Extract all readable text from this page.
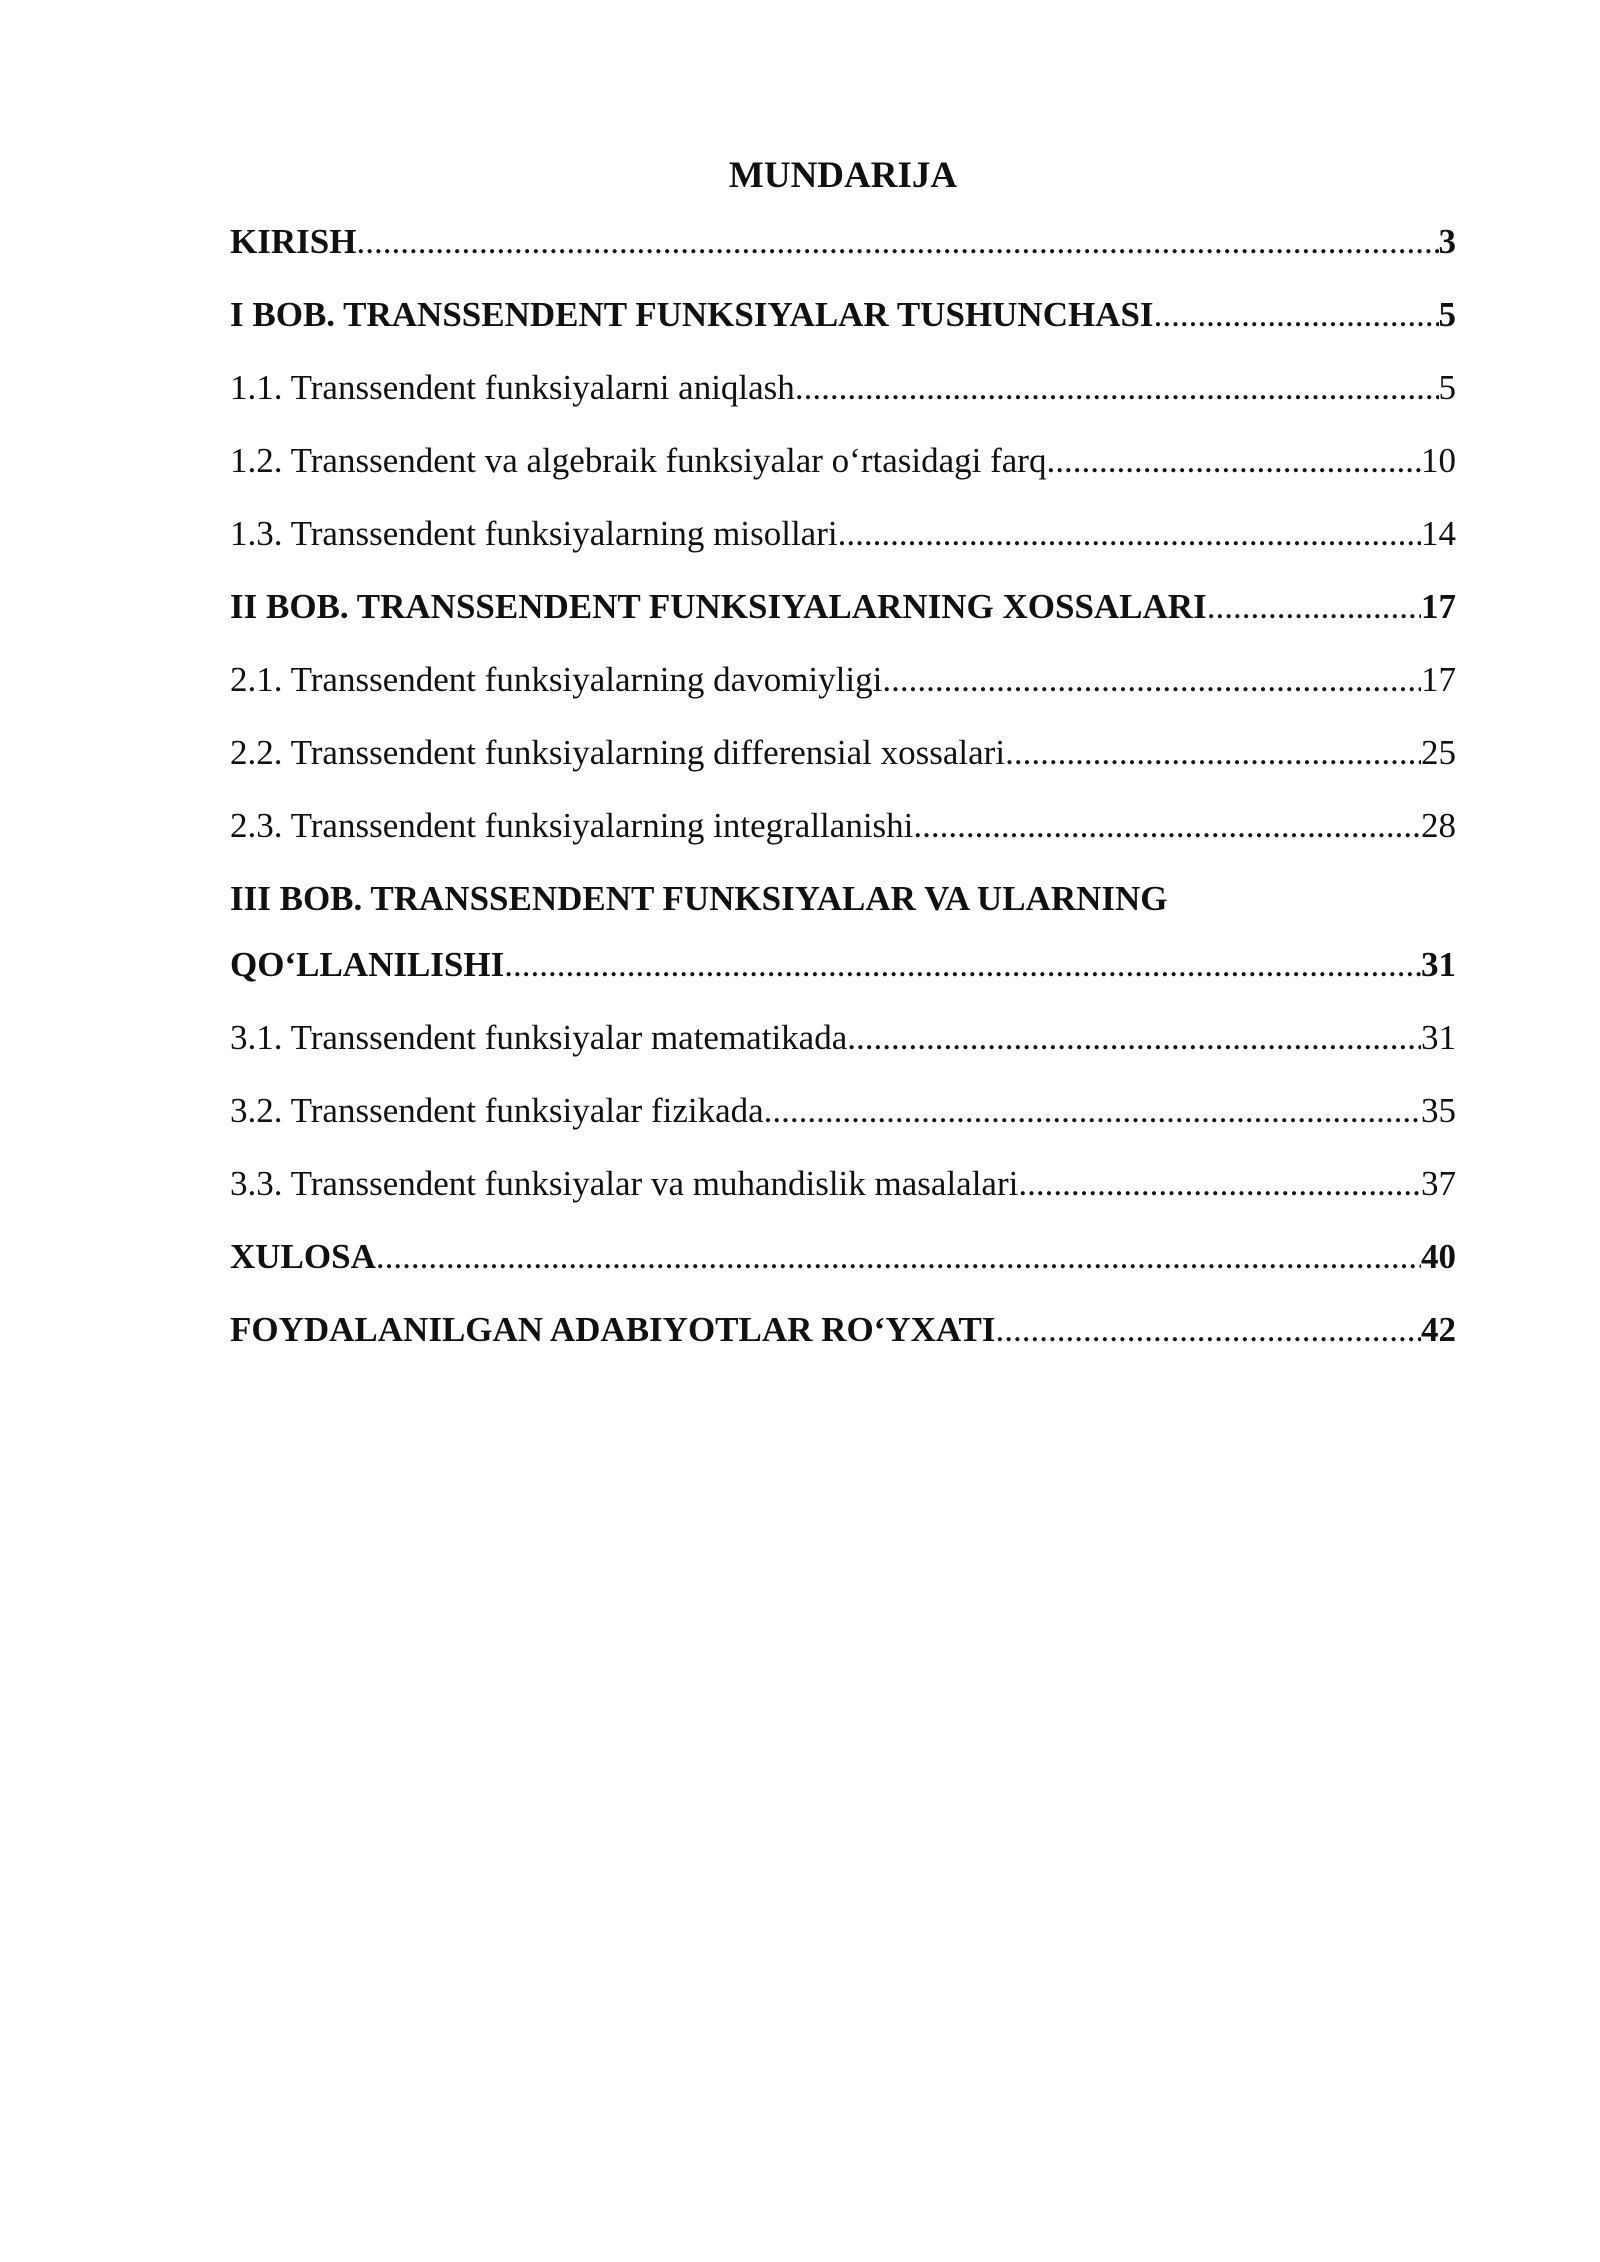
MUNDARIJA
KIRISH .....	3
I BOB. TRANSSENDENT FUNKSIYALAR TUSHUNCHASI .....	5
1.1. Transsendent funksiyalarni aniqlash .....	5
1.2. Transsendent va algebraik funksiyalar o‘rtasidagi farq .....	10
1.3. Transsendent funksiyalarning misollari .....	14
II BOB. TRANSSENDENT FUNKSIYALARNING XOSSALARI .....	17
2.1. Transsendent funksiyalarning davomiyligi .....	17
2.2. Transsendent funksiyalarning differensial xossalari .....	25
2.3. Transsendent funksiyalarning integrallanishi .....	28
III BOB. TRANSSENDENT FUNKSIYALAR VA ULARNING
QO‘LLANILISHI .....	31
3.1. Transsendent funksiyalar matematikada .....	31
3.2. Transsendent funksiyalar fizikada .....	35
3.3. Transsendent funksiyalar va muhandislik masalalari .....	37
XULOSA .....	40
FOYDALANILGAN ADABIYOTLAR RO‘YXATI .....	42
